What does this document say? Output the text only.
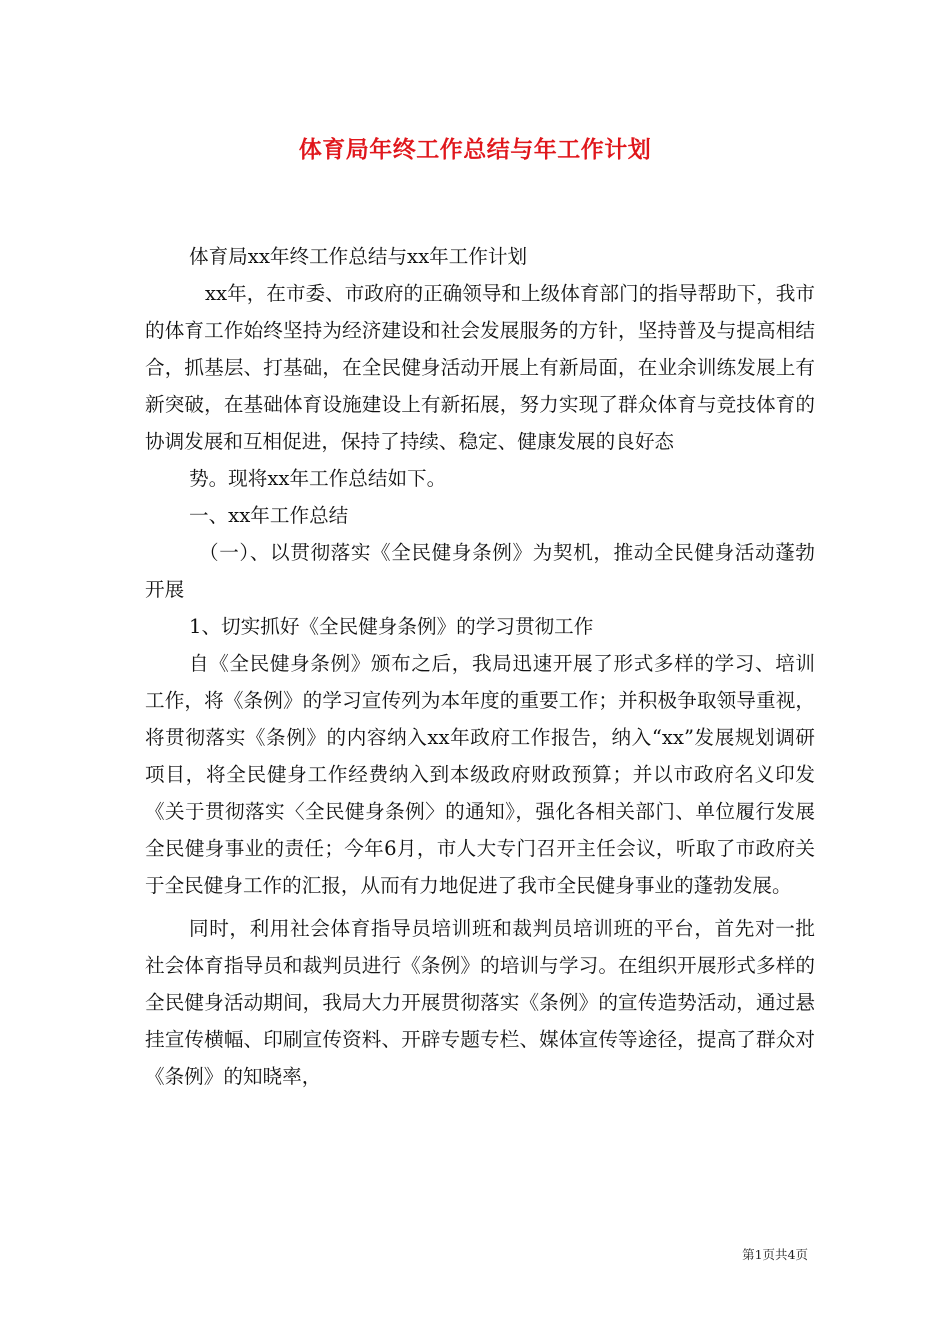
体育局年终工作总结与年工作计划

体育局xx年终工作总结与xx年工作计划

xx年，在市委、市政府的正确领导和上级体育部门的指导帮助下，我市的体育工作始终坚持为经济建设和社会发展服务的方针，坚持普及与提高相结合，抓基层、打基础，在全民健身活动开展上有新局面，在业余训练发展上有新突破，在基础体育设施建设上有新拓展，努力实现了群众体育与竞技体育的协调发展和互相促进，保持了持续、稳定、健康发展的良好态

势。现将xx年工作总结如下。

一、xx年工作总结

（一）、以贯彻落实《全民健身条例》为契机，推动全民健身活动蓬勃开展

1、切实抓好《全民健身条例》的学习贯彻工作

自《全民健身条例》颁布之后，我局迅速开展了形式多样的学习、培训工作，将《条例》的学习宣传列为本年度的重要工作；并积极争取领导重视，将贯彻落实《条例》的内容纳入xx年政府工作报告，纳入“xx”发展规划调研项目，将全民健身工作经费纳入到本级政府财政预算；并以市政府名义印发《关于贯彻落实〈全民健身条例〉的通知》，强化各相关部门、单位履行发展全民健身事业的责任；今年6月，市人大专门召开主任会议，听取了市政府关于全民健身工作的汇报，从而有力地促进了我市全民健身事业的蓬勃发展。

同时，利用社会体育指导员培训班和裁判员培训班的平台，首先对一批社会体育指导员和裁判员进行《条例》的培训与学习。在组织开展形式多样的全民健身活动期间，我局大力开展贯彻落实《条例》的宣传造势活动，通过悬挂宣传横幅、印刷宣传资料、开辟专题专栏、媒体宣传等途径，提高了群众对《条例》的知晓率，

第1页共4页
